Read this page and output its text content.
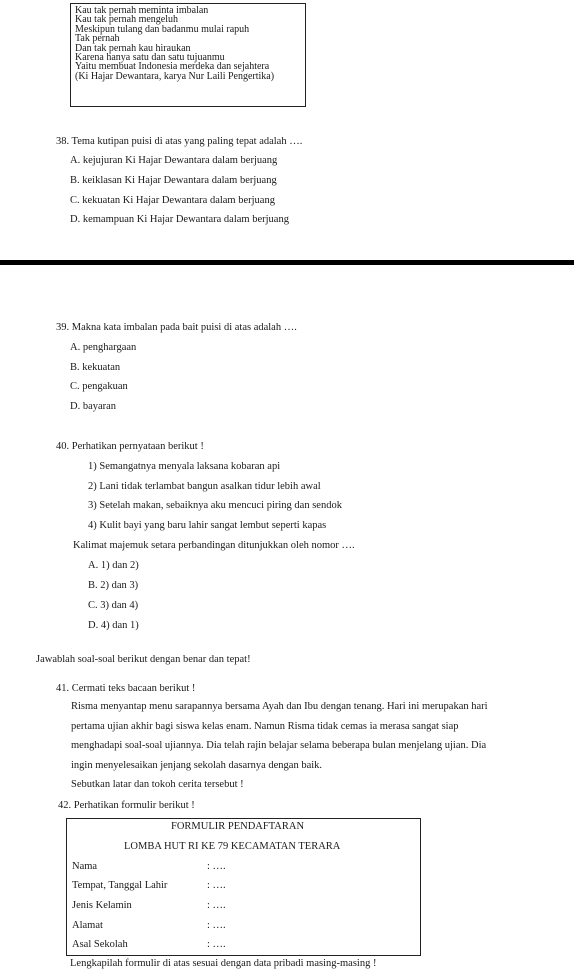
Kau tak pernah meminta imbalan
Kau tak pernah mengeluh
Meskipun tulang dan badanmu mulai rapuh
Tak pernah
Dan tak pernah kau hiraukan
Karena hanya satu dan satu tujuanmu
Yaitu membuat Indonesia merdeka dan sejahtera
(Ki Hajar Dewantara, karya Nur Laili Pengertika)
38. Tema kutipan puisi di atas yang paling tepat adalah ….
A. kejujuran Ki Hajar Dewantara dalam berjuang
B. keiklasan Ki Hajar Dewantara dalam berjuang
C. kekuatan Ki Hajar Dewantara dalam berjuang
D. kemampuan Ki Hajar Dewantara dalam berjuang
39. Makna kata imbalan pada bait puisi di atas adalah ….
A. penghargaan
B. kekuatan
C. pengakuan
D. bayaran
40. Perhatikan pernyataan berikut !
1) Semangatnya menyala laksana kobaran api
2) Lani tidak terlambat bangun asalkan tidur lebih awal
3) Setelah makan, sebaiknya aku mencuci piring dan sendok
4) Kulit bayi yang baru lahir sangat lembut seperti kapas
Kalimat majemuk setara perbandingan ditunjukkan oleh nomor ….
A. 1) dan 2)
B. 2) dan 3)
C. 3) dan 4)
D. 4) dan 1)
Jawablah soal-soal berikut dengan benar dan tepat!
41. Cermati teks bacaan berikut !
Risma menyantap menu sarapannya bersama Ayah dan Ibu dengan tenang. Hari ini merupakan hari
pertama ujian akhir bagi siswa kelas enam. Namun Risma tidak cemas ia merasa sangat siap
menghadapi soal-soal ujiannya. Dia telah rajin belajar selama beberapa bulan menjelang ujian. Dia
ingin menyelesaikan jenjang sekolah dasarnya dengan baik.
Sebutkan latar dan tokoh cerita tersebut !
42. Perhatikan formulir berikut !
FORMULIR PENDAFTARAN
LOMBA HUT RI KE 79 KECAMATAN TERARA
Nama	: ….
Tempat, Tanggal Lahir	: ….
Jenis Kelamin	: ….
Alamat	: ….
Asal Sekolah	: ….
Lengkapilah formulir di atas sesuai dengan data pribadi masing-masing !
